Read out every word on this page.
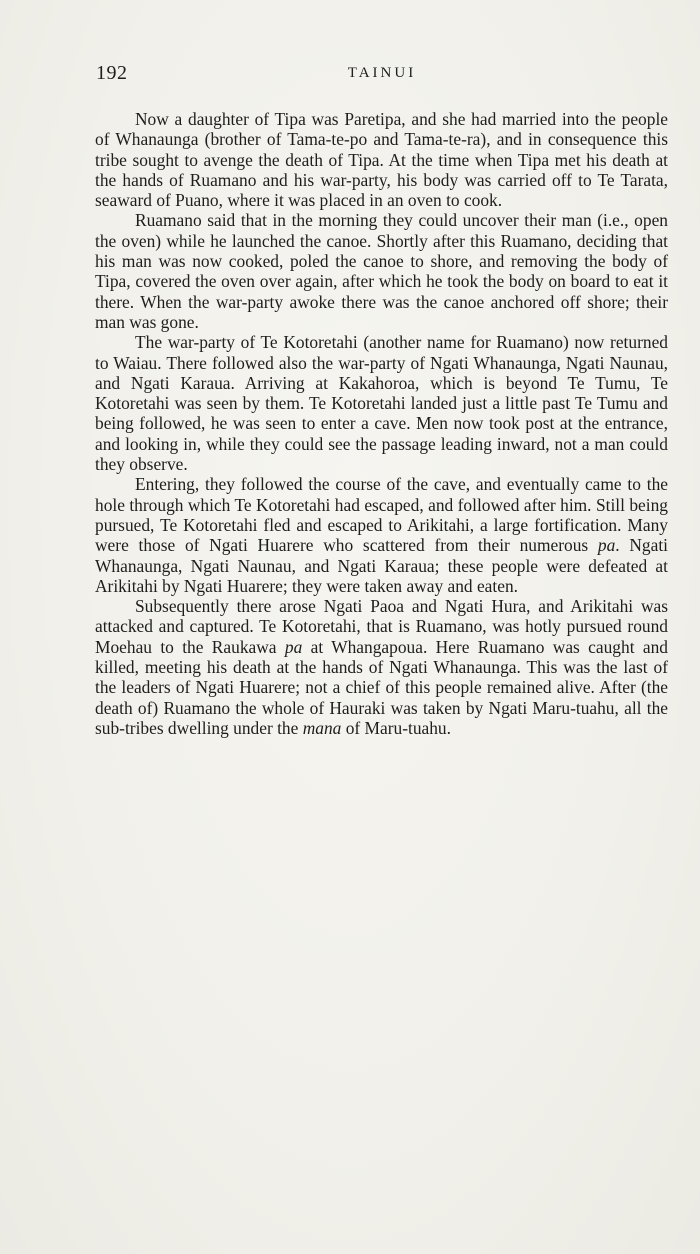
192	TAINUI

Now a daughter of Tipa was Paretipa, and she had married into the people of Whanaunga (brother of Tama-te-po and Tama-te-ra), and in consequence this tribe sought to avenge the death of Tipa. At the time when Tipa met his death at the hands of Ruamano and his war-party, his body was carried off to Te Tarata, seaward of Puano, where it was placed in an oven to cook.

Ruamano said that in the morning they could uncover their man (i.e., open the oven) while he launched the canoe. Shortly after this Ruamano, deciding that his man was now cooked, poled the canoe to shore, and removing the body of Tipa, covered the oven over again, after which he took the body on board to eat it there. When the war-party awoke there was the canoe anchored off shore; their man was gone.

The war-party of Te Kotoretahi (another name for Ruamano) now returned to Waiau. There followed also the war-party of Ngati Whanaunga, Ngati Naunau, and Ngati Karaua. Arriving at Kakahoroa, which is beyond Te Tumu, Te Kotoretahi was seen by them. Te Kotoretahi landed just a little past Te Tumu and being followed, he was seen to enter a cave. Men now took post at the entrance, and looking in, while they could see the passage leading inward, not a man could they observe.

Entering, they followed the course of the cave, and eventually came to the hole through which Te Kotoretahi had escaped, and followed after him. Still being pursued, Te Kotoretahi fled and escaped to Arikitahi, a large fortification. Many were those of Ngati Huarere who scattered from their numerous pa. Ngati Whanaunga, Ngati Naunau, and Ngati Karaua; these people were defeated at Arikitahi by Ngati Huarere; they were taken away and eaten.

Subsequently there arose Ngati Paoa and Ngati Hura, and Arikitahi was attacked and captured. Te Kotoretahi, that is Ruamano, was hotly pursued round Moehau to the Raukawa pa at Whangapoua. Here Ruamano was caught and killed, meeting his death at the hands of Ngati Whanaunga. This was the last of the leaders of Ngati Huarere; not a chief of this people remained alive. After (the death of) Ruamano the whole of Hauraki was taken by Ngati Maru-tuahu, all the sub-tribes dwelling under the mana of Maru-tuahu.
